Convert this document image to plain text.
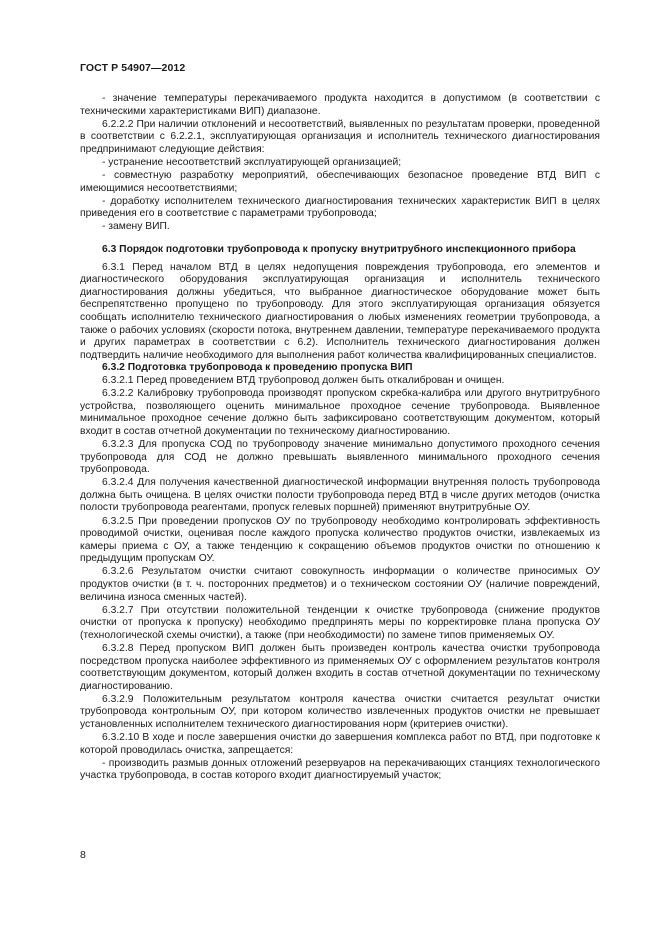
ГОСТ Р 54907—2012

- значение температуры перекачиваемого продукта находится в допустимом (в соответствии с техническими характеристиками ВИП) диапазоне.

6.2.2.2 При наличии отклонений и несоответствий, выявленных по результатам проверки, проведенной в соответствии с 6.2.2.1, эксплуатирующая организация и исполнитель технического диагностирования предпринимают следующие действия:

- устранение несоответствий эксплуатирующей организацией;

- совместную разработку мероприятий, обеспечивающих безопасное проведение ВТД ВИП с имеющимися несоответствиями;

- доработку исполнителем технического диагностирования технических характеристик ВИП в целях приведения его в соответствие с параметрами трубопровода;

- замену ВИП.

6.3 Порядок подготовки трубопровода к пропуску внутритрубного инспекционного прибора

6.3.1 Перед началом ВТД в целях недопущения повреждения трубопровода, его элементов и диагностического оборудования эксплуатирующая организация и исполнитель технического диагностирования должны убедиться, что выбранное диагностическое оборудование может быть беспрепятственно пропущено по трубопроводу. Для этого эксплуатирующая организация обязуется сообщать исполнителю технического диагностирования о любых изменениях геометрии трубопровода, а также о рабочих условиях (скорости потока, внутреннем давлении, температуре перекачиваемого продукта и других параметрах в соответствии с 6.2). Исполнитель технического диагностирования должен подтвердить наличие необходимого для выполнения работ количества квалифицированных специалистов.

6.3.2 Подготовка трубопровода к проведению пропуска ВИП

6.3.2.1 Перед проведением ВТД трубопровод должен быть откалиброван и очищен.

6.3.2.2 Калибровку трубопровода производят пропуском скребка-калибра или другого внутритрубного устройства, позволяющего оценить минимальное проходное сечение трубопровода. Выявленное минимальное проходное сечение должно быть зафиксировано соответствующим документом, который входит в состав отчетной документации по техническому диагностированию.

6.3.2.3 Для пропуска СОД по трубопроводу значение минимально допустимого проходного сечения трубопровода для СОД не должно превышать выявленного минимального проходного сечения трубопровода.

6.3.2.4 Для получения качественной диагностической информации внутренняя полость трубопровода должна быть очищена. В целях очистки полости трубопровода перед ВТД в числе других методов (очистка полости трубопровода реагентами, пропуск гелевых поршней) применяют внутритрубные ОУ.

6.3.2.5 При проведении пропусков ОУ по трубопроводу необходимо контролировать эффективность проводимой очистки, оценивая после каждого пропуска количество продуктов очистки, извлекаемых из камеры приема с ОУ, а также тенденцию к сокращению объемов продуктов очистки по отношению к предыдущим пропускам ОУ.

6.3.2.6 Результатом очистки считают совокупность информации о количестве приносимых ОУ продуктов очистки (в т. ч. посторонних предметов) и о техническом состоянии ОУ (наличие повреждений, величина износа сменных частей).

6.3.2.7 При отсутствии положительной тенденции к очистке трубопровода (снижение продуктов очистки от пропуска к пропуску) необходимо предпринять меры по корректировке плана пропуска ОУ (технологической схемы очистки), а также (при необходимости) по замене типов применяемых ОУ.

6.3.2.8 Перед пропуском ВИП должен быть произведен контроль качества очистки трубопровода посредством пропуска наиболее эффективного из применяемых ОУ с оформлением результатов контроля соответствующим документом, который должен входить в состав отчетной документации по техническому диагностированию.

6.3.2.9 Положительным результатом контроля качества очистки считается результат очистки трубопровода контрольным ОУ, при котором количество извлеченных продуктов очистки не превышает установленных исполнителем технического диагностирования норм (критериев очистки).

6.3.2.10 В ходе и после завершения очистки до завершения комплекса работ по ВТД, при подготовке к которой проводилась очистка, запрещается:

- производить размыв донных отложений резервуаров на перекачивающих станциях технологического участка трубопровода, в состав которого входит диагностируемый участок;

8
